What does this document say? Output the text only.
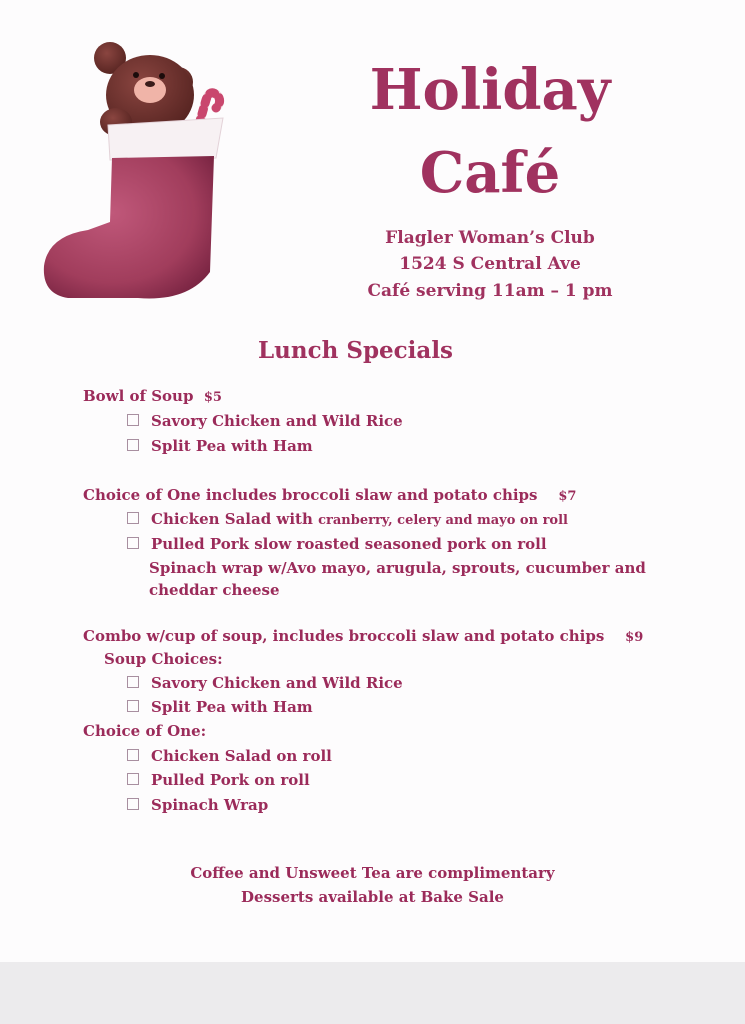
Holiday
Café
Flagler Woman’s Club
1524 S Central Ave
Café serving 11am – 1 pm
Lunch Specials
Bowl of Soup $5
Savory Chicken and Wild Rice
Split Pea with Ham
Choice of One includes broccoli slaw and potato chips $7
Chicken Salad with cranberry, celery and mayo on roll
Pulled Pork slow roasted seasoned pork on roll
Spinach wrap w/Avo mayo, arugula, sprouts, cucumber and
cheddar cheese
Combo w/cup of soup, includes broccoli slaw and potato chips $9
Soup Choices:
Savory Chicken and Wild Rice
Split Pea with Ham
Choice of One:
Chicken Salad on roll
Pulled Pork on roll
Spinach Wrap
Coffee and Unsweet Tea are complimentary
Desserts available at Bake Sale
